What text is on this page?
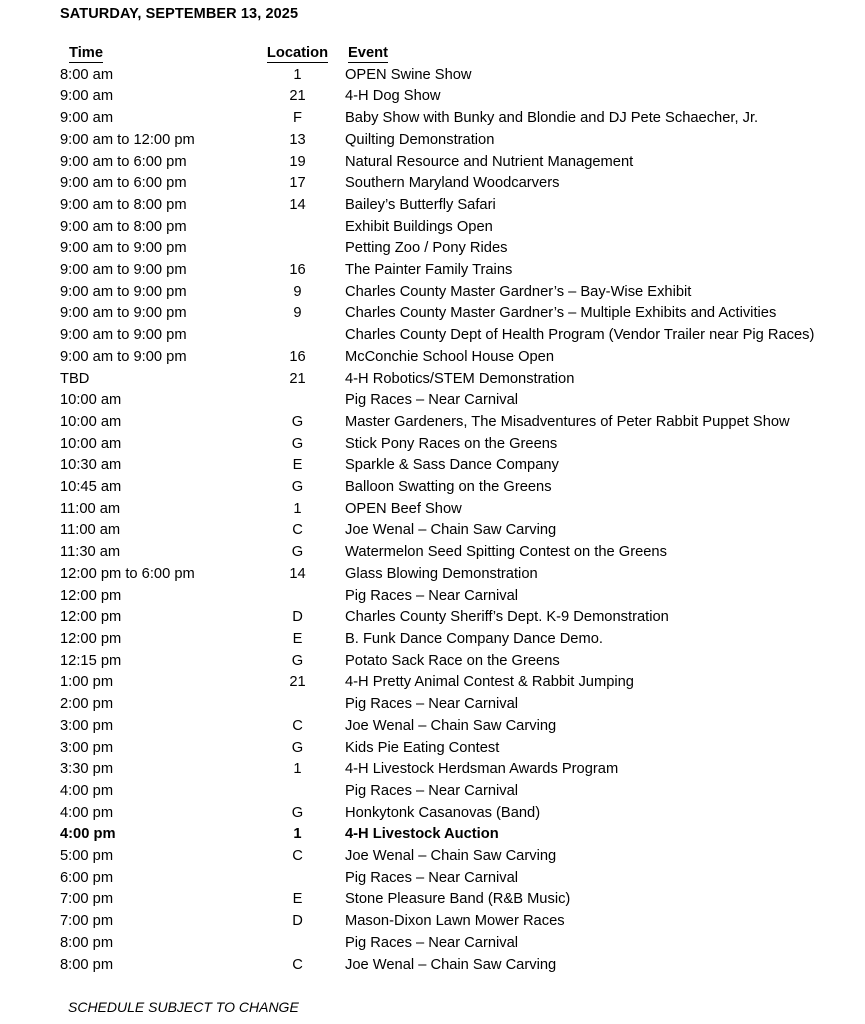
SATURDAY, SEPTEMBER 13, 2025
Time	Location	Event
8:00 am	1	OPEN Swine Show
9:00 am	21	4-H Dog Show
9:00 am	F	Baby Show with Bunky and Blondie and DJ Pete Schaecher, Jr.
9:00 am to 12:00 pm	13	Quilting Demonstration
9:00 am to 6:00 pm	19	Natural Resource and Nutrient Management
9:00 am to 6:00 pm	17	Southern Maryland Woodcarvers
9:00 am to 8:00 pm	14	Bailey’s Butterfly Safari
9:00 am to 8:00 pm		Exhibit Buildings Open
9:00 am to 9:00 pm		Petting Zoo / Pony Rides
9:00 am to 9:00 pm	16	The Painter Family Trains
9:00 am to 9:00 pm	9	Charles County Master Gardner’s – Bay-Wise Exhibit
9:00 am to 9:00 pm	9	Charles County Master Gardner’s – Multiple Exhibits and Activities
9:00 am to 9:00 pm		Charles County Dept of Health Program (Vendor Trailer near Pig Races)
9:00 am to 9:00 pm	16	McConchie School House Open
TBD	21	4-H Robotics/STEM Demonstration
10:00 am		Pig Races – Near Carnival
10:00 am	G	Master Gardeners, The Misadventures of Peter Rabbit Puppet Show
10:00 am	G	Stick Pony Races on the Greens
10:30 am	E	Sparkle & Sass Dance Company
10:45 am	G	Balloon Swatting on the Greens
11:00 am	1	OPEN Beef Show
11:00 am	C	Joe Wenal – Chain Saw Carving
11:30 am	G	Watermelon Seed Spitting Contest on the Greens
12:00 pm to 6:00 pm	14	Glass Blowing Demonstration
12:00 pm		Pig Races – Near Carnival
12:00 pm	D	Charles County Sheriff’s Dept. K-9 Demonstration
12:00 pm	E	B. Funk Dance Company Dance Demo.
12:15 pm	G	Potato Sack Race on the Greens
1:00 pm	21	4-H Pretty Animal Contest & Rabbit Jumping
2:00 pm		Pig Races – Near Carnival
3:00 pm	C	Joe Wenal – Chain Saw Carving
3:00 pm	G	Kids Pie Eating Contest
3:30 pm	1	4-H Livestock Herdsman Awards Program
4:00 pm		Pig Races – Near Carnival
4:00 pm	G	Honkytonk Casanovas (Band)
4:00 pm	1	4-H Livestock Auction
5:00 pm	C	Joe Wenal – Chain Saw Carving
6:00 pm		Pig Races – Near Carnival
7:00 pm	E	Stone Pleasure Band (R&B Music)
7:00 pm	D	Mason-Dixon Lawn Mower Races
8:00 pm		Pig Races – Near Carnival
8:00 pm	C	Joe Wenal – Chain Saw Carving
SCHEDULE SUBJECT TO CHANGE
